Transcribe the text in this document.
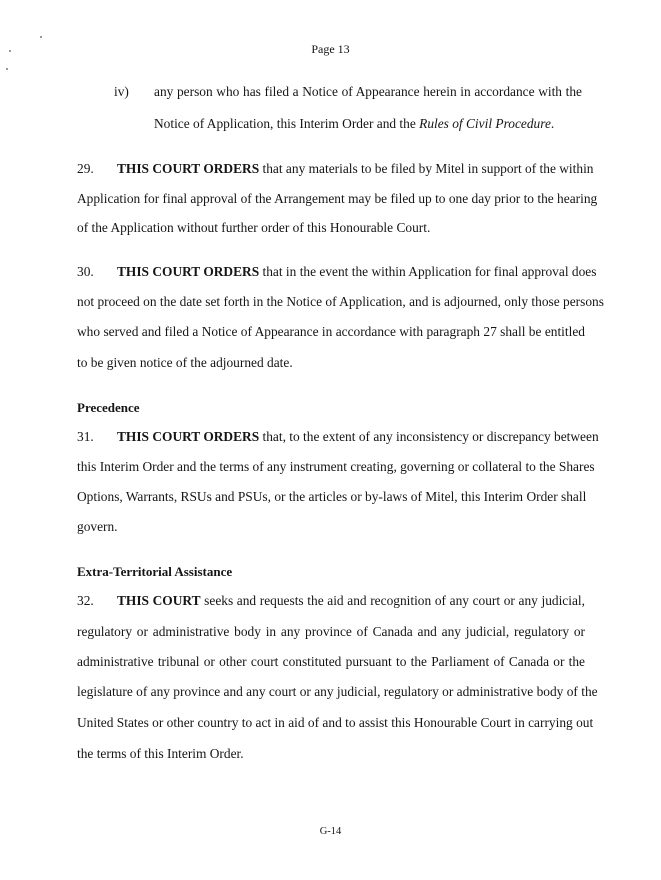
Page 13
iv) any person who has filed a Notice of Appearance herein in accordance with the
Notice of Application, this Interim Order and the Rules of Civil Procedure.
29. THIS COURT ORDERS that any materials to be filed by Mitel in support of the within
Application for final approval of the Arrangement may be filed up to one day prior to the hearing
of the Application without further order of this Honourable Court.
30. THIS COURT ORDERS that in the event the within Application for final approval does
not proceed on the date set forth in the Notice of Application, and is adjourned, only those persons
who served and filed a Notice of Appearance in accordance with paragraph 27 shall be entitled
to be given notice of the adjourned date.
Precedence
31. THIS COURT ORDERS that, to the extent of any inconsistency or discrepancy between
this Interim Order and the terms of any instrument creating, governing or collateral to the Shares
Options, Warrants, RSUs and PSUs, or the articles or by-laws of Mitel, this Interim Order shall
govern.
Extra-Territorial Assistance
32. THIS COURT seeks and requests the aid and recognition of any court or any judicial,
regulatory or administrative body in any province of Canada and any judicial, regulatory or
administrative tribunal or other court constituted pursuant to the Parliament of Canada or the
legislature of any province and any court or any judicial, regulatory or administrative body of the
United States or other country to act in aid of and to assist this Honourable Court in carrying out
the terms of this Interim Order.
G-14
